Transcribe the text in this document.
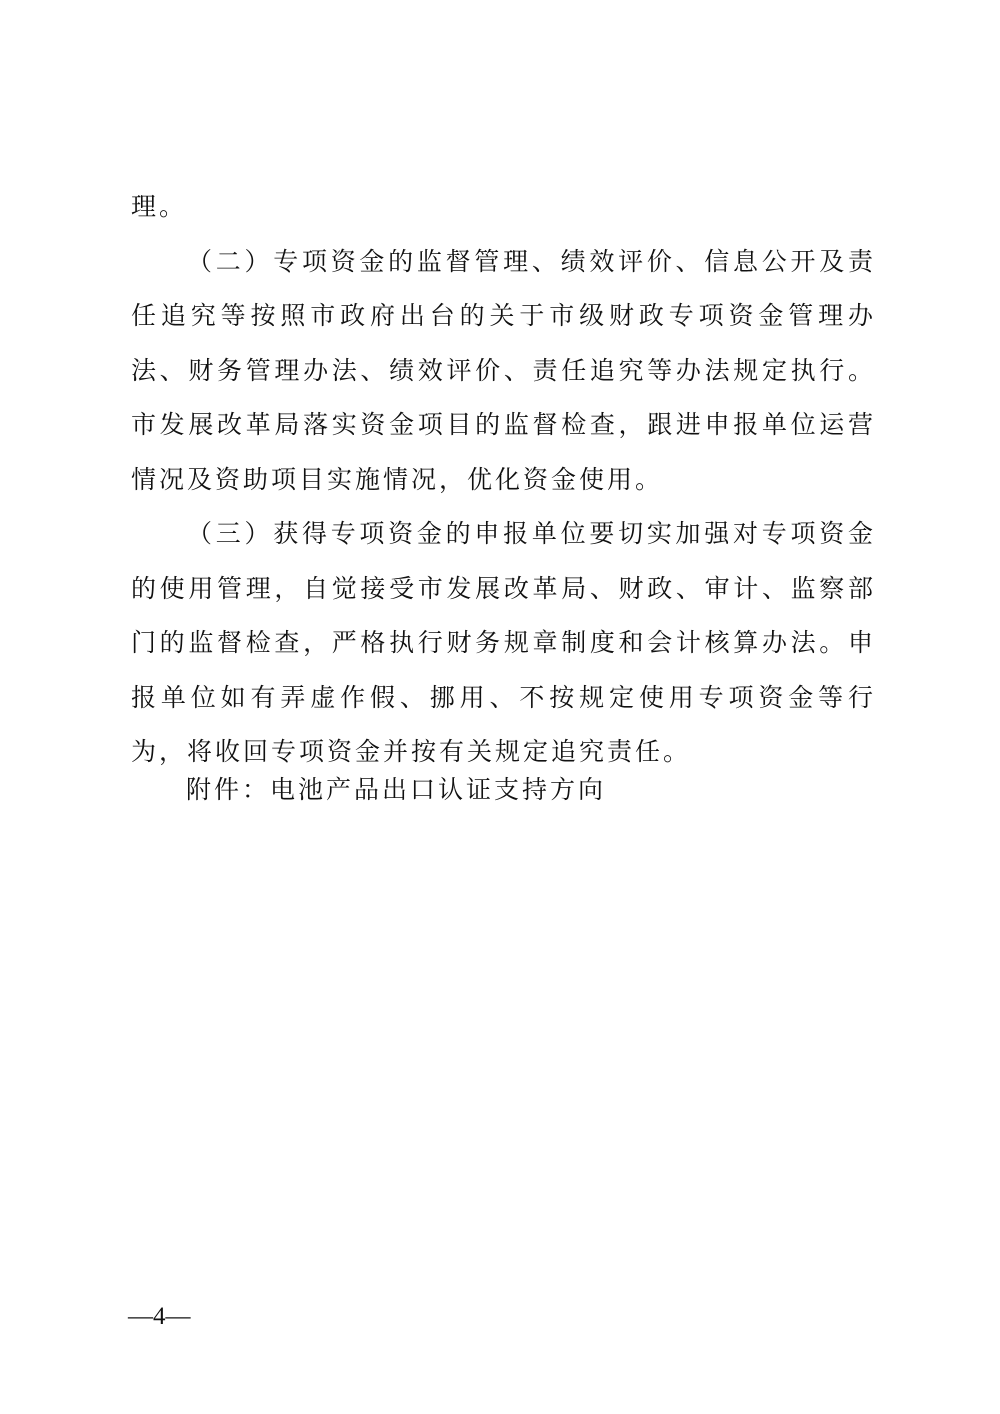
理。
（二）专项资金的监督管理、绩效评价、信息公开及责任追究等按照市政府出台的关于市级财政专项资金管理办法、财务管理办法、绩效评价、责任追究等办法规定执行。市发展改革局落实资金项目的监督检查，跟进申报单位运营情况及资助项目实施情况，优化资金使用。
（三）获得专项资金的申报单位要切实加强对专项资金的使用管理，自觉接受市发展改革局、财政、审计、监察部门的监督检查，严格执行财务规章制度和会计核算办法。申报单位如有弄虚作假、挪用、不按规定使用专项资金等行为，将收回专项资金并按有关规定追究责任。
附件：电池产品出口认证支持方向
—4—
